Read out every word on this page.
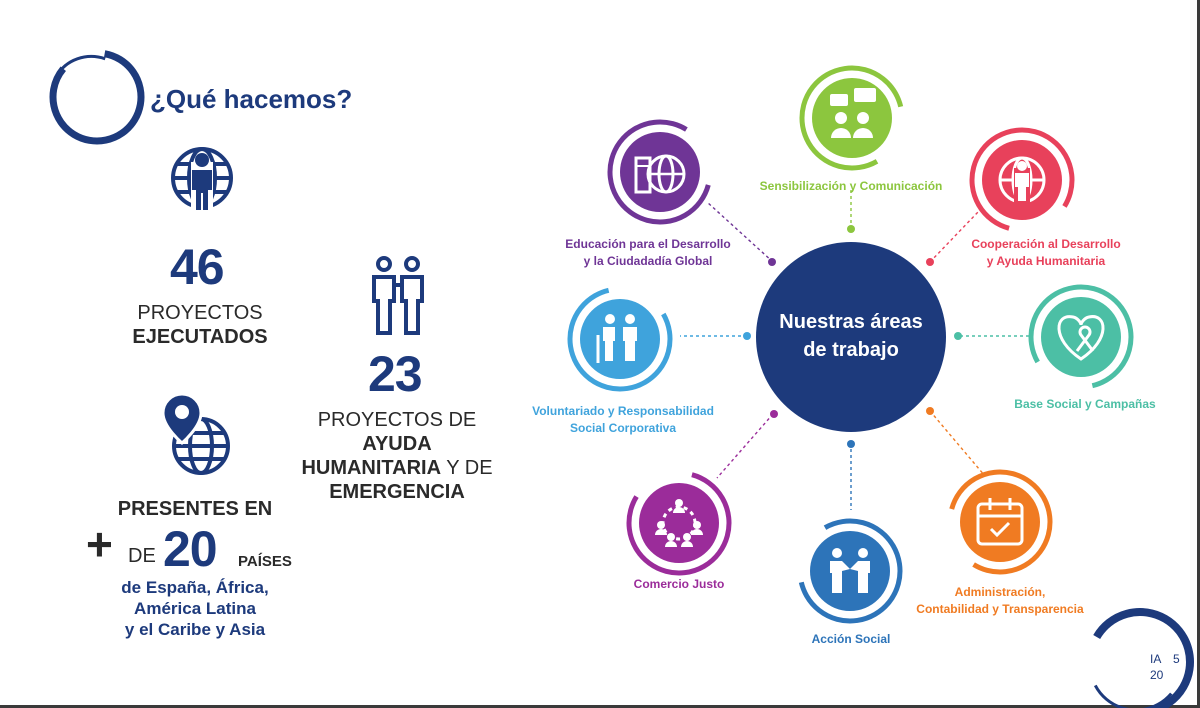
¿Qué hacemos?
46
PROYECTOS
EJECUTADOS
23
PROYECTOS DE AYUDA
HUMANITARIA Y DE
EMERGENCIA
PRESENTES EN
+ DE 20 PAÍSES
de España, África,
América Latina
y el Caribe y Asia
Nuestras áreas
de trabajo
Sensibilización y Comunicación
Cooperación al Desarrollo
y Ayuda Humanitaria
Base Social y Campañas
Administración,
Contabilidad y Transparencia
Acción Social
Comercio Justo
Voluntariado y Responsabilidad
Social Corporativa
Educación para el Desarrollo
y la Ciudadadía Global
IA
20
5
